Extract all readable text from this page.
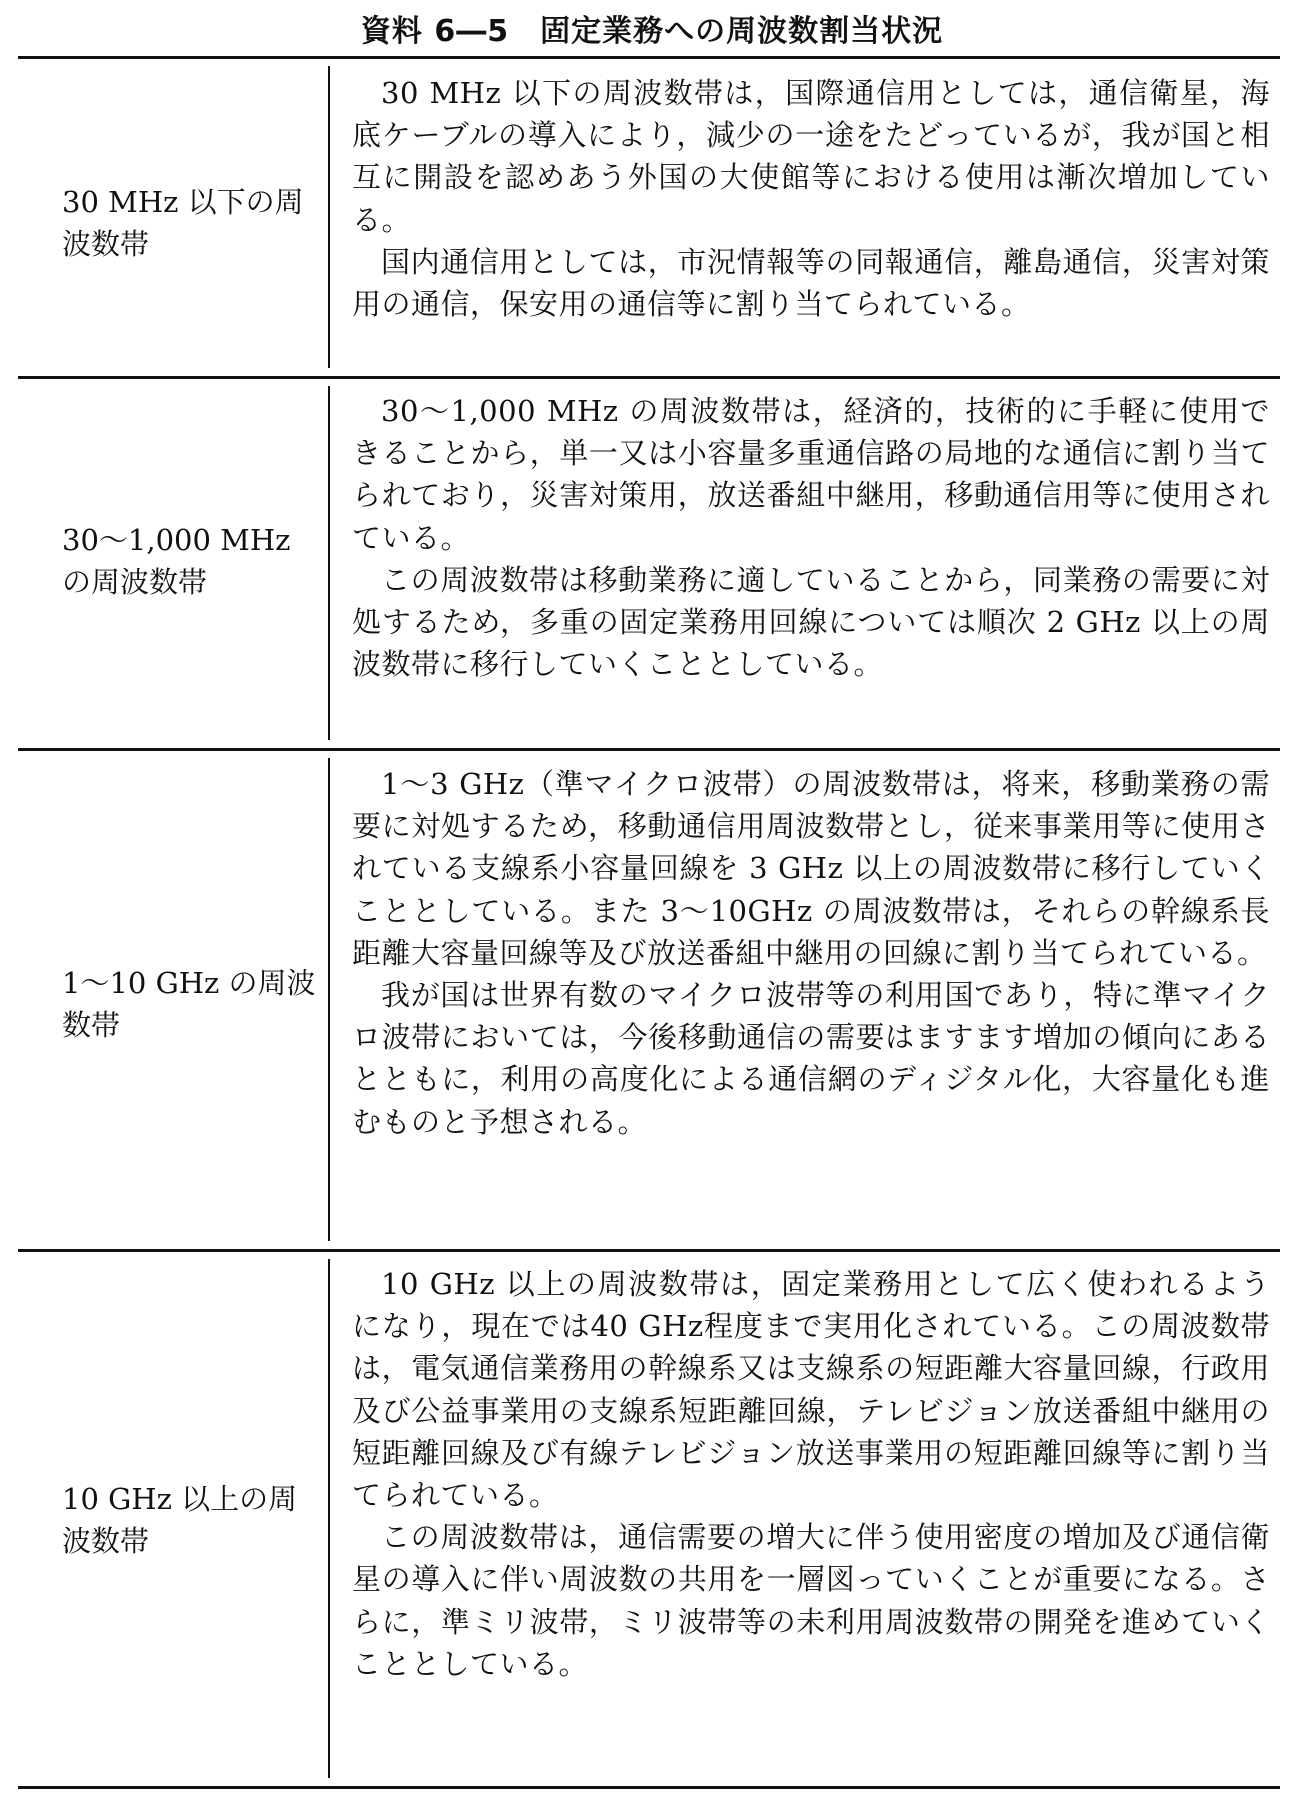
資料 6―5　固定業務への周波数割当状況
30 MHz 以下の周波数帯
30 MHz 以下の周波数帯は，国際通信用としては，通信衛星，海底ケーブルの導入により，減少の一途をたどっているが，我が国と相互に開設を認めあう外国の大使館等における使用は漸次増加している。
国内通信用としては，市況情報等の同報通信，離島通信，災害対策用の通信，保安用の通信等に割り当てられている。
30～1,000 MHz の周波数帯
30～1,000 MHz の周波数帯は，経済的，技術的に手軽に使用できることから，単一又は小容量多重通信路の局地的な通信に割り当てられており，災害対策用，放送番組中継用，移動通信用等に使用されている。
この周波数帯は移動業務に適していることから，同業務の需要に対処するため，多重の固定業務用回線については順次 2 GHz 以上の周波数帯に移行していくこととしている。
1～10 GHz の周波数帯
1～3 GHz（準マイクロ波帯）の周波数帯は，将来，移動業務の需要に対処するため，移動通信用周波数帯とし，従来事業用等に使用されている支線系小容量回線を 3 GHz 以上の周波数帯に移行していくこととしている。また 3～10GHz の周波数帯は，それらの幹線系長距離大容量回線等及び放送番組中継用の回線に割り当てられている。
我が国は世界有数のマイクロ波帯等の利用国であり，特に準マイクロ波帯においては，今後移動通信の需要はますます増加の傾向にあるとともに，利用の高度化による通信網のディジタル化，大容量化も進むものと予想される。
10 GHz 以上の周波数帯
10 GHz 以上の周波数帯は，固定業務用として広く使われるようになり，現在では40 GHz程度まで実用化されている。この周波数帯は，電気通信業務用の幹線系又は支線系の短距離大容量回線，行政用及び公益事業用の支線系短距離回線，テレビジョン放送番組中継用の短距離回線及び有線テレビジョン放送事業用の短距離回線等に割り当てられている。
この周波数帯は，通信需要の増大に伴う使用密度の増加及び通信衛星の導入に伴い周波数の共用を一層図っていくことが重要になる。さらに，準ミリ波帯，ミリ波帯等の未利用周波数帯の開発を進めていくこととしている。
